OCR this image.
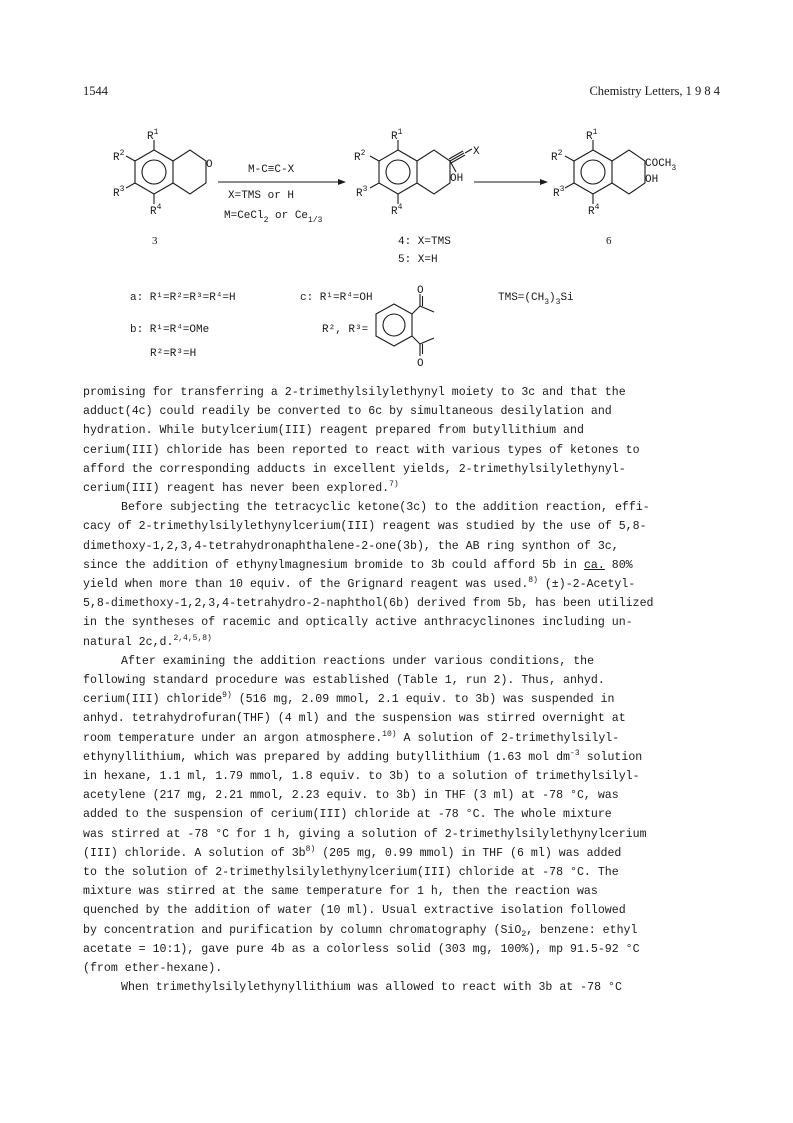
1544	Chemistry Letters, 1 9 8 4
$R^1$
$R^2$
$R^3$
$R^4$
O
3
M-C≡C-X
X=TMS or H
M=CeCl$_2$ or $Ce_{1/3}$
$R^1$
$R^2$
$R^3$
$R^4$
X
OH
4: X=TMS
5: X=H
$R^1$
$R^2$
$R^3$
$R^4$
$COCH_3$
OH
6
a: R¹=R²=R³=R⁴=H
b: R¹=R⁴=OMe
R²=R³=H
c: R¹=R⁴=OH
R², R³=
O
O
$TMS=(CH_3)_3Si$

promising for transferring a 2-trimethylsilylethynyl moiety to 3c and that the
adduct(4c) could readily be converted to 6c by simultaneous desilylation and
hydration. While butylcerium(III) reagent prepared from butyllithium and
cerium(III) chloride has been reported to react with various types of ketones to
afford the corresponding adducts in excellent yields, 2-trimethylsilylethynyl-
cerium(III) reagent has never been explored.$^{7)}$

Before subjecting the tetracyclic ketone(3c) to the addition reaction, effi-
cacy of 2-trimethylsilylethynylcerium(III) reagent was studied by the use of 5,8-
dimethoxy-1,2,3,4-tetrahydronaphthalene-2-one(3b), the AB ring synthon of 3c,
since the addition of ethynylmagnesium bromide to 3b could afford 5b in ca. 80%
yield when more than 10 equiv. of the Grignard reagent was used.$^{8)}$ (±)-2-Acetyl-
5,8-dimethoxy-1,2,3,4-tetrahydro-2-naphthol(6b) derived from 5b, has been utilized
in the syntheses of racemic and optically active anthracyclinones including un-
natural 2c,d.$^{2,4,5,8)}$

After examining the addition reactions under various conditions, the
following standard procedure was established (Table 1, run 2). Thus, anhyd.
cerium(III) chloride$^{9)}$ (516 mg, 2.09 mmol, 2.1 equiv. to 3b) was suspended in
anhyd. tetrahydrofuran(THF) (4 ml) and the suspension was stirred overnight at
room temperature under an argon atmosphere.$^{10)}$ A solution of 2-trimethylsilyl-
ethynyllithium, which was prepared by adding butyllithium (1.63 mol $dm^{-3}$ solution
in hexane, 1.1 ml, 1.79 mmol, 1.8 equiv. to 3b) to a solution of trimethylsilyl-
acetylene (217 mg, 2.21 mmol, 2.23 equiv. to 3b) in THF (3 ml) at -78 °C, was
added to the suspension of cerium(III) chloride at -78 °C. The whole mixture
was stirred at -78 °C for 1 h, giving a solution of 2-trimethylsilylethynylcerium
(III) chloride. A solution of $3b^{8)}$ (205 mg, 0.99 mmol) in THF (6 ml) was added
to the solution of 2-trimethylsilylethynylcerium(III) chloride at -78 °C. The
mixture was stirred at the same temperature for 1 h, then the reaction was
quenched by the addition of water (10 ml). Usual extractive isolation followed
by concentration and purification by column chromatography (SiO$_2$, benzene: ethyl
acetate = 10:1), gave pure 4b as a colorless solid (303 mg, 100%), mp 91.5-92 °C
(from ether-hexane).

When trimethylsilylethynyllithium was allowed to react with 3b at -78 °C
